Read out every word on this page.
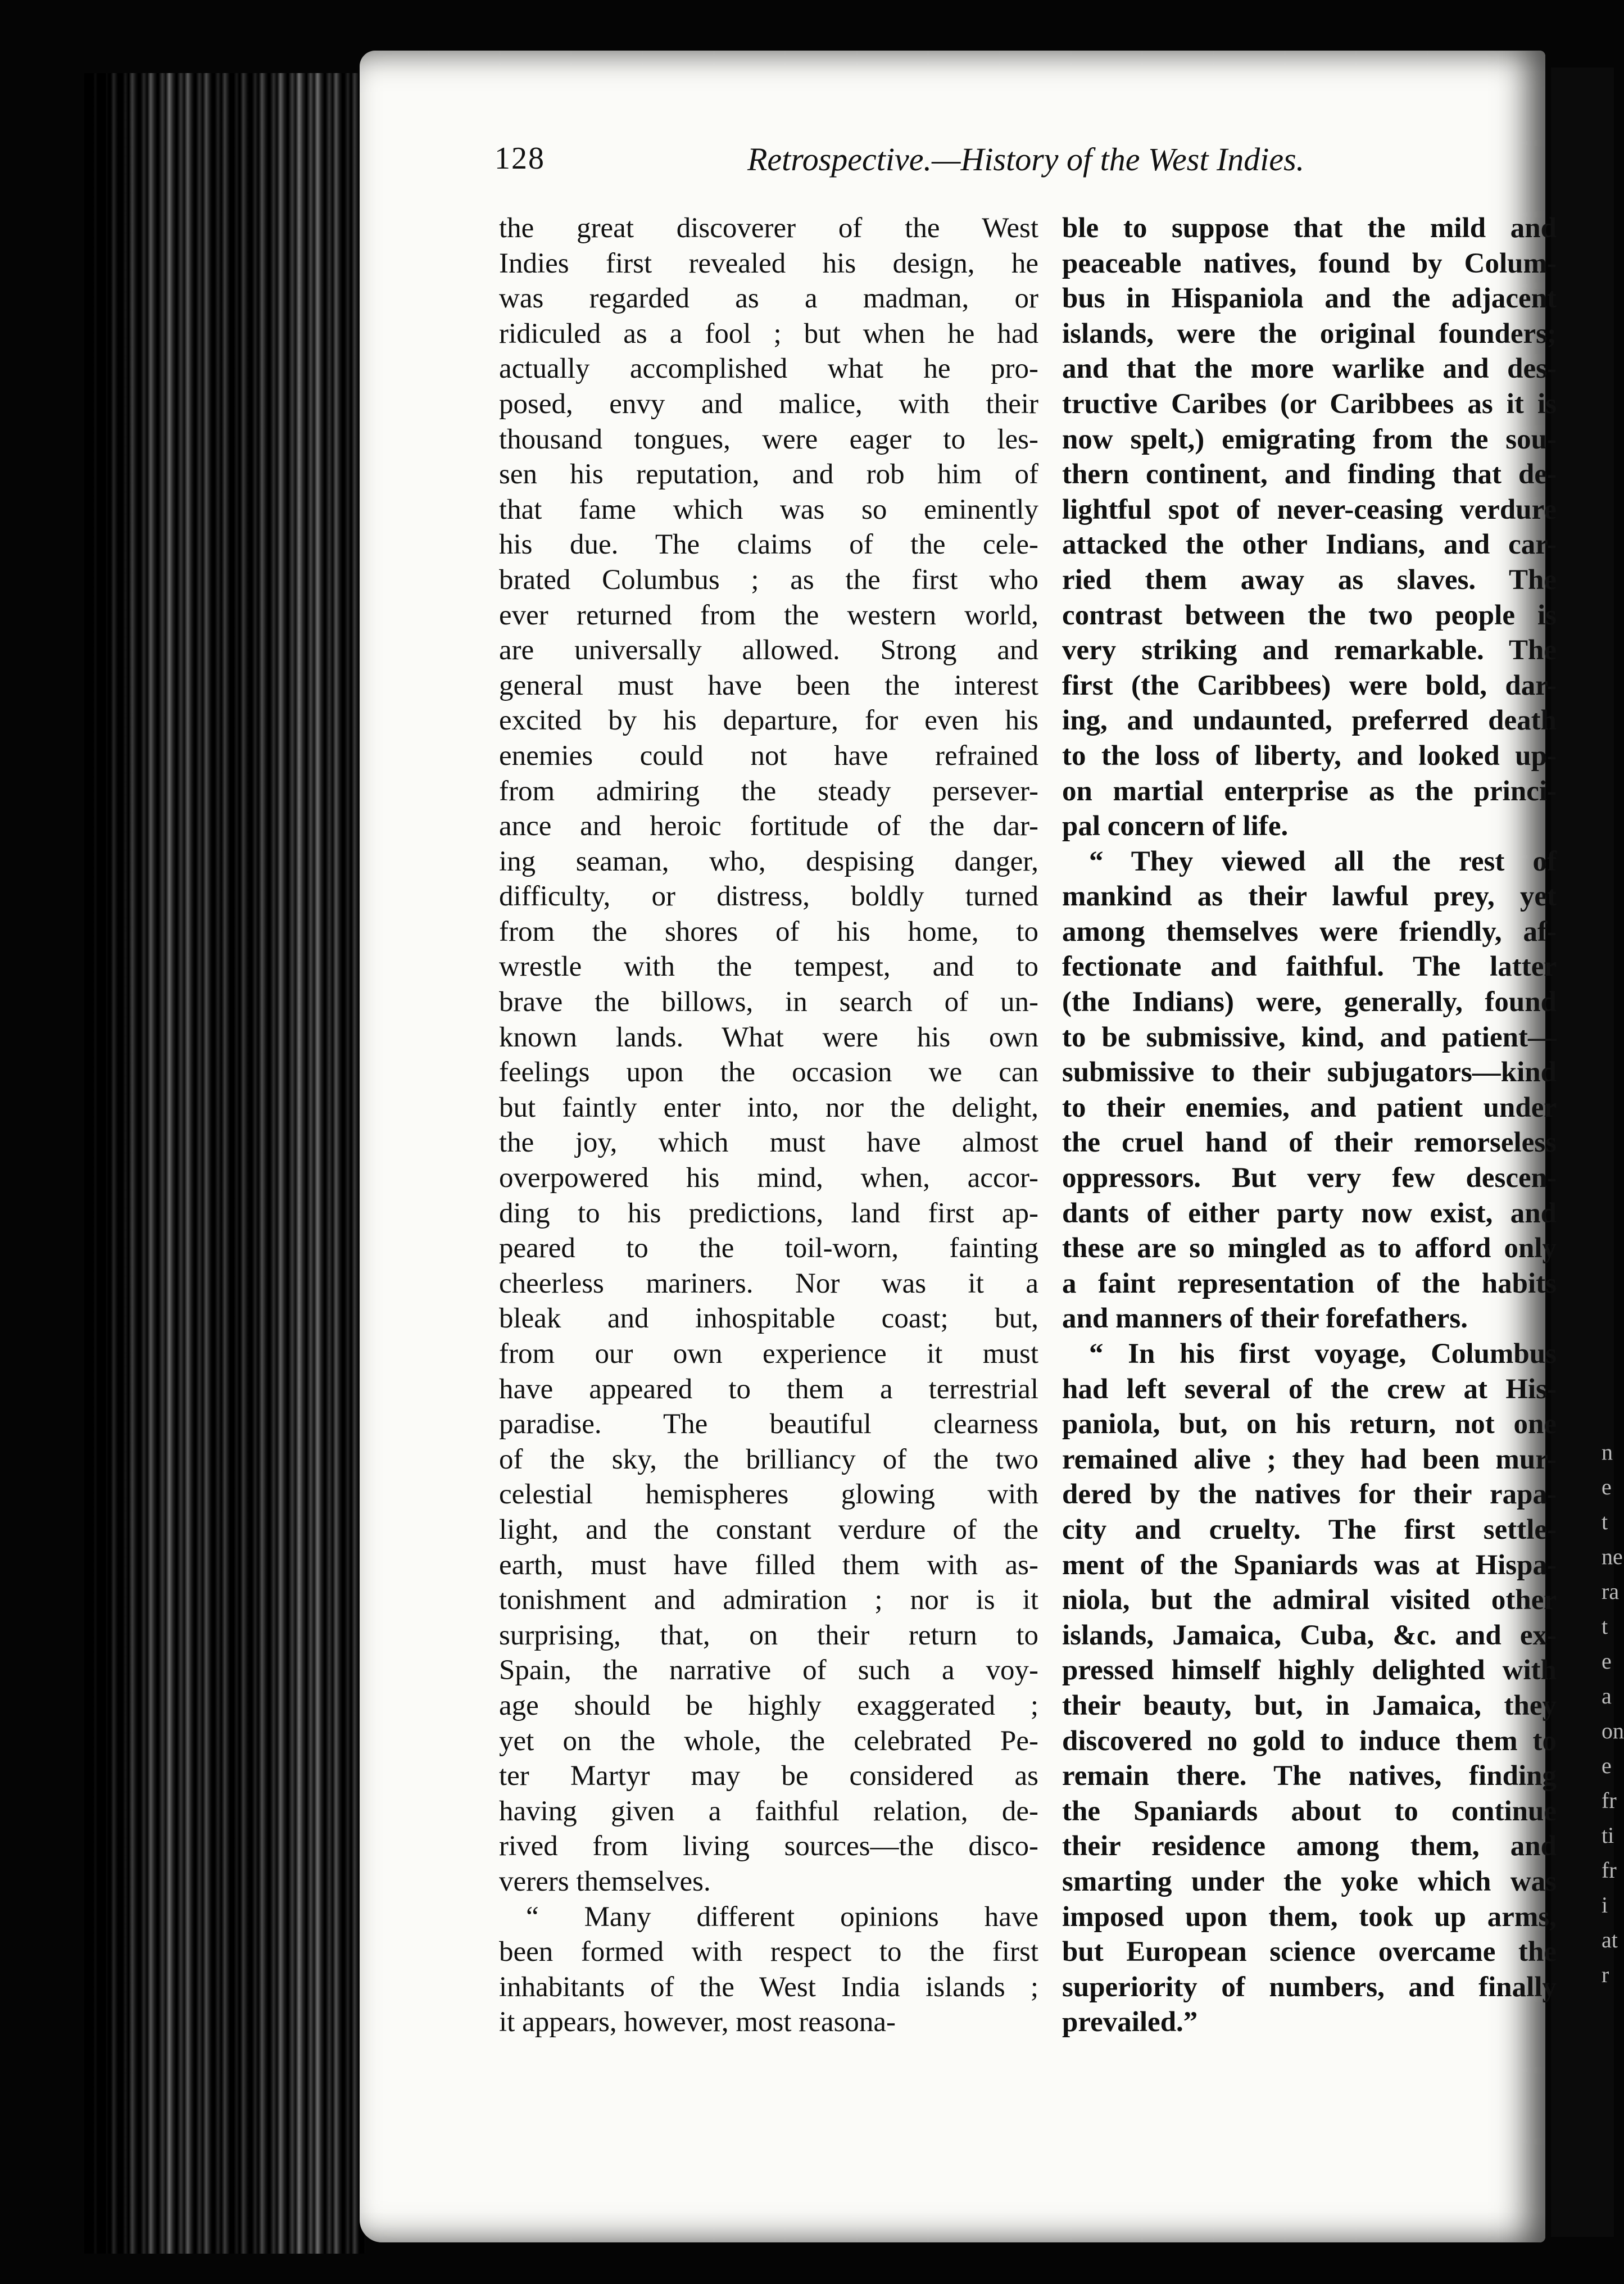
n
e
t
ne
ra
t
e
a
on
e
fr
ti
fr
i
at
r
128	Retrospective.—History of the West Indies.
the great discoverer of the West
Indies first revealed his design, he
was regarded as a madman, or
ridiculed as a fool ; but when he had
actually accomplished what he pro-
posed, envy and malice, with their
thousand tongues, were eager to les-
sen his reputation, and rob him of
that fame which was so eminently
his due. The claims of the cele-
brated Columbus ; as the first who
ever returned from the western world,
are universally allowed. Strong and
general must have been the interest
excited by his departure, for even his
enemies could not have refrained
from admiring the steady persever-
ance and heroic fortitude of the dar-
ing seaman, who, despising danger,
difficulty, or distress, boldly turned
from the shores of his home, to
wrestle with the tempest, and to
brave the billows, in search of un-
known lands. What were his own
feelings upon the occasion we can
but faintly enter into, nor the delight,
the joy, which must have almost
overpowered his mind, when, accor-
ding to his predictions, land first ap-
peared to the toil-worn, fainting
cheerless mariners. Nor was it a
bleak and inhospitable coast; but,
from our own experience it must
have appeared to them a terrestrial
paradise. The beautiful clearness
of the sky, the brilliancy of the two
celestial hemispheres glowing with
light, and the constant verdure of the
earth, must have filled them with as-
tonishment and admiration ; nor is it
surprising, that, on their return to
Spain, the narrative of such a voy-
age should be highly exaggerated ;
yet on the whole, the celebrated Pe-
ter Martyr may be considered as
having given a faithful relation, de-
rived from living sources—the disco-
verers themselves.
“ Many different opinions have
been formed with respect to the first
inhabitants of the West India islands ;
it appears, however, most reasona-
ble to suppose that the mild and
peaceable natives, found by Colum-
bus in Hispaniola and the adjacent
islands, were the original founders;
and that the more warlike and des-
tructive Caribes (or Caribbees as it is
now spelt,) emigrating from the sou-
thern continent, and finding that de-
lightful spot of never-ceasing verdure
attacked the other Indians, and car-
ried them away as slaves. The
contrast between the two people is
very striking and remarkable. The
first (the Caribbees) were bold, dar-
ing, and undaunted, preferred death
to the loss of liberty, and looked up-
on martial enterprise as the princi-
pal concern of life.
“ They viewed all the rest of
mankind as their lawful prey, yet
among themselves were friendly, af-
fectionate and faithful. The latter
(the Indians) were, generally, found
to be submissive, kind, and patient—
submissive to their subjugators—kind
to their enemies, and patient under
the cruel hand of their remorseless
oppressors. But very few descen-
dants of either party now exist, and
these are so mingled as to afford only
a faint representation of the habits
and manners of their forefathers.
“ In his first voyage, Columbus
had left several of the crew at His-
paniola, but, on his return, not one
remained alive ; they had been mur-
dered by the natives for their rapa-
city and cruelty. The first settle-
ment of the Spaniards was at Hispa-
niola, but the admiral visited other
islands, Jamaica, Cuba, &c. and ex-
pressed himself highly delighted with
their beauty, but, in Jamaica, they
discovered no gold to induce them to
remain there. The natives, finding
the Spaniards about to continue
their residence among them, and
smarting under the yoke which was
imposed upon them, took up arms,
but European science overcame the
superiority of numbers, and finally
prevailed.”
